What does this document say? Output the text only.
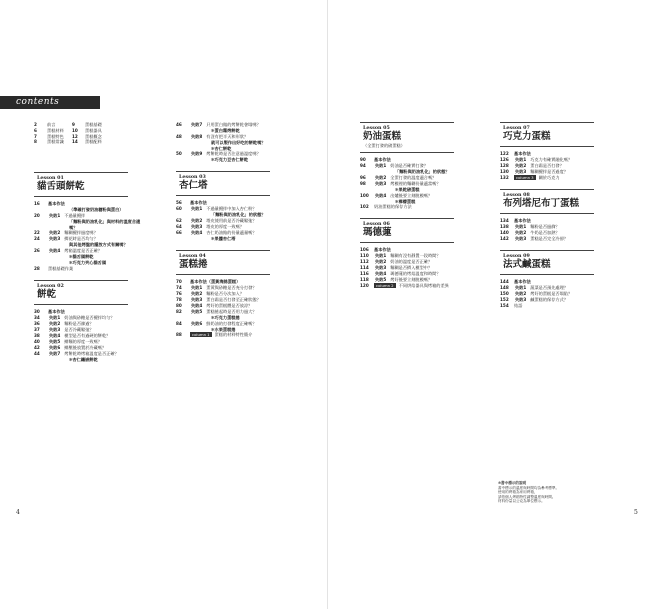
contents
2	前言	9	蛋糕基礎
6	蛋糕材料	10	蛋糕器具
7	蛋糕特色	12	蛋糕概念
8	蛋糕常識	14	蛋糕配料
Lesson 01
貓舌頭餅乾
16	基本作法
（準確打發奶油糖粉與蛋白）
20	失敗1 不過量攪拌
「麵粉與奶油乳化」與材料的溫度合適嗎？
22	失敗2 麵糊攪拌過度嗎？
24	失敗3 擠花時是否均勻？
與其他烤盤的擺放方式有關嗎？
26	失敗4 烤箱溫度是否正確？
✻貓舌頭餅乾
✻巧克力夾心貓舌頭
28	蛋糕基礎作業
Lesson 02
餅乾
30	基本作法
34	失敗1 奶油與砂糖是否攪拌均勻？
36	失敗2 麵粉是否篩過？
37	失敗3 是否冷藏鬆弛？
38	失敗4 模型是否有過硬的餅乾？
40	失敗5 擀麵的厚度一致嗎？
42	失敗6 擀壓後放置於冷藏嗎？
44	失敗7 烤餅乾時烤箱溫度是否正確？
✻杏仁鑲嵌餅乾
46	失敗7 只用蛋白做的烤餅乾會塌嗎？
✻蛋白霜烤餅乾
48	失敗8 有沒有把半天和形狀？
就可以製作出好吃的餅乾嗎？
✻杏仁餅乾
50	失敗9 烤餅乾時是否注意過溫度嗎？
✻巧克力豆杏仁餅乾
Lesson 03
杏仁塔
56	基本作法
60	失敗1 不過量攪拌中加入杏仁粉？
「麵粉與奶油乳化」的狀態？
62	失敗2 塔皮使用前是否冷藏鬆弛？
64	失敗3 塔皮的厚度一致嗎？
66	失敗4 杏仁奶油餡的份量適量嗎？
✻果醬杏仁塔
Lesson 04
蛋糕捲
70	基本作法（蛋黃海綿蛋糕）
74	失敗1 蛋黃與砂糖是否充分打發？
76	失敗2 麵粉是否分次加入？
78	失敗3 蛋白霜是否打發至正確狀態？
80	失敗4 烤好的蛋糕體是否放涼？
82	失敗5 蛋糕捲起時是否用力過大？
✻巧克力蛋糕捲
84	失敗6 鮮奶油的打發程度正確嗎？
✻水果蛋糕捲
88	column 1	蛋糕的材料特性簡介
Lesson 05
奶油蛋糕
（全蛋打發的磅蛋糕）
90	基本作法
94	失敗1 奶油是否確實打發？
「麵粉與奶油乳化」的狀態？
96	失敗2 全蛋打發的溫度適合嗎？
98	失敗3 烤模裡的麵糊份量適當嗎？
✻果乾磅蛋糕
100	失敗4 出爐後要立刻脫模嗎？
✻檸檬蛋糕
102	奶油蛋糕的保存方法
Lesson 06
瑪德蓮
106	基本作法
110	失敗1 麵糊有沒有靜置一段時間？
112	失敗2 奶油的溫度是否正確？
114	失敗3 麵糊是否擠入模型中？
116	失敗4 瑪德蓮的烤焙溫度和時間？
118	失敗5 烤好後要立刻脫模嗎？
120	column 2	不同烘焙器具與烤箱的差異
Lesson 07
巧克力蛋糕
122	基本作法
126	失敗1 巧克力有確實融化嗎？
128	失敗2 蛋白霜是否打發？
130	失敗3 麵糊攪拌是否過度？
132	column 3	關於巧克力
Lesson 08
布列塔尼布丁蛋糕
134	基本作法
138	失敗1 麵粉是否過篩？
140	失敗2 牛奶是否加熱？
142	失敗3 蛋糕是否完全冷卻？
Lesson 09
法式鹹蛋糕
144	基本作法
148	失敗1 蔬菜是否預先處理？
150	失敗2 烤好的蛋糕是否塌陷？
152	失敗3 鹹蛋糕的保存方式？
154	結語
✻書中標示的說明
書中標示的溫度與時間均為參考標準。
使用的烤箱為家用烤箱，
請依個人烤箱特性調整溫度與時間。
材料份量以公克為單位標示。
4	5
